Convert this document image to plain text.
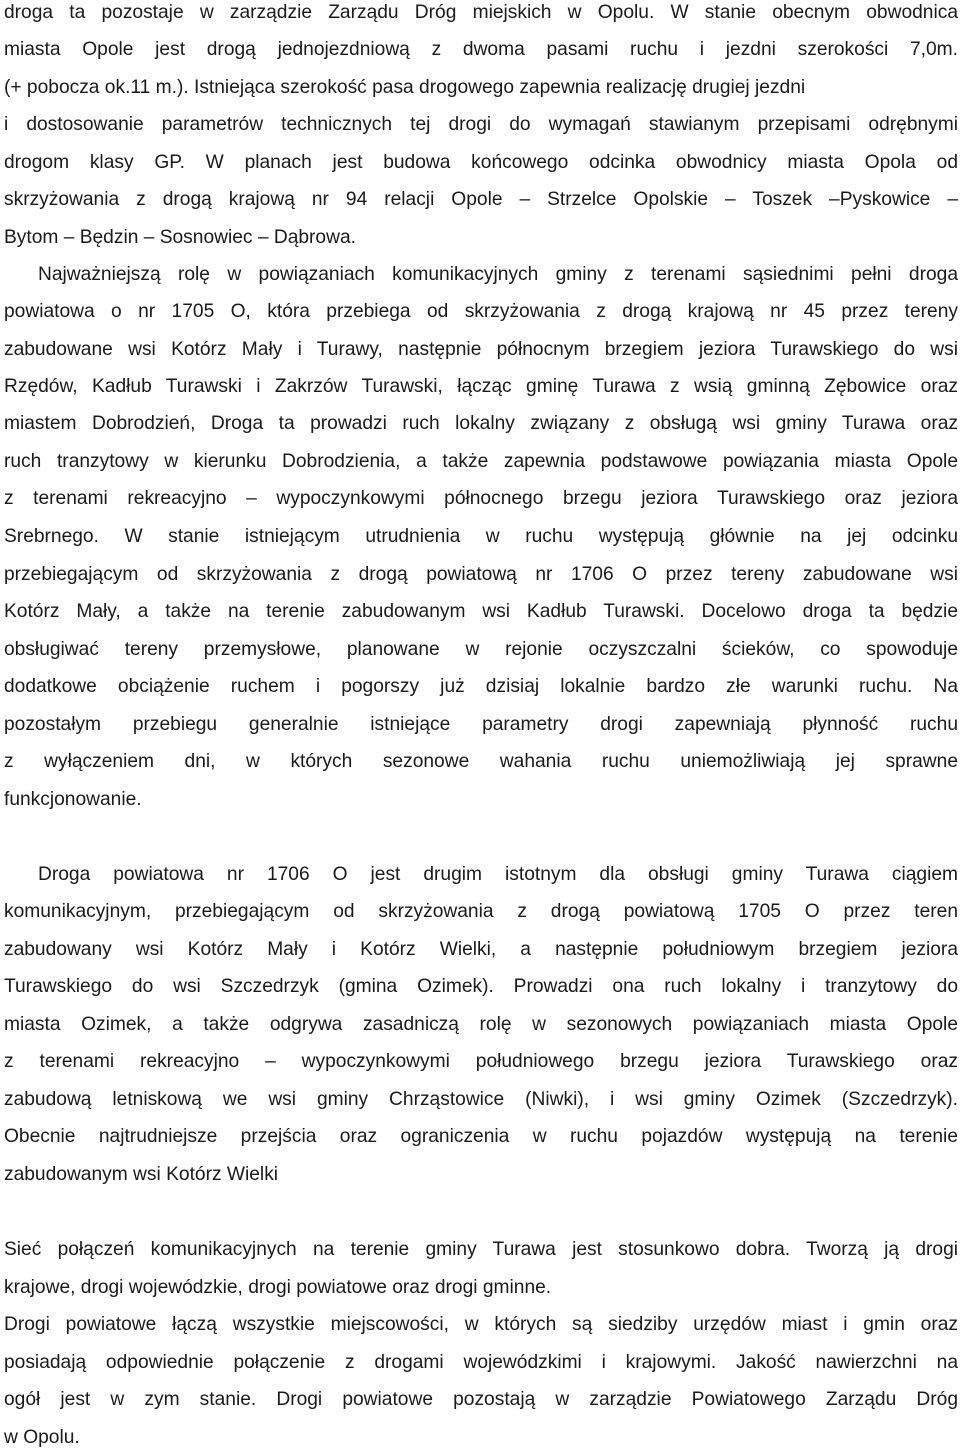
droga ta pozostaje w zarządzie Zarządu Dróg miejskich w Opolu. W stanie obecnym obwodnica
miasta Opole jest drogą jednojezdniową z dwoma pasami ruchu i jezdni szerokości 7,0m.
(+ pobocza ok.11 m.). Istniejąca szerokość pasa drogowego zapewnia realizację drugiej jezdni
i dostosowanie parametrów technicznych tej drogi do wymagań stawianym przepisami odrębnymi
drogom klasy GP. W planach jest budowa końcowego odcinka obwodnicy miasta Opola od
skrzyżowania z drogą krajową nr 94 relacji Opole – Strzelce Opolskie – Toszek –Pyskowice –
Bytom – Będzin – Sosnowiec – Dąbrowa.
Najważniejszą rolę w powiązaniach komunikacyjnych gminy z terenami sąsiednimi pełni droga
powiatowa o nr 1705 O, która przebiega od skrzyżowania z drogą krajową nr 45 przez tereny
zabudowane wsi Kotórz Mały i Turawy, następnie północnym brzegiem jeziora Turawskiego do wsi
Rzędów, Kadłub Turawski i Zakrzów Turawski, łącząc gminę Turawa z wsią gminną Zębowice oraz
miastem Dobrodzień, Droga ta prowadzi ruch lokalny związany z obsługą wsi gminy Turawa oraz
ruch tranzytowy w kierunku Dobrodzienia, a także zapewnia podstawowe powiązania miasta Opole
z terenami rekreacyjno – wypoczynkowymi północnego brzegu jeziora Turawskiego oraz jeziora
Srebrnego. W stanie istniejącym utrudnienia w ruchu występują głównie na jej odcinku
przebiegającym od skrzyżowania z drogą powiatową nr 1706 O przez tereny zabudowane wsi
Kotórz Mały, a także na terenie zabudowanym wsi Kadłub Turawski. Docelowo droga ta będzie
obsługiwać tereny przemysłowe, planowane w rejonie oczyszczalni ścieków, co spowoduje
dodatkowe obciążenie ruchem i pogorszy już dzisiaj lokalnie bardzo złe warunki ruchu. Na
pozostałym przebiegu generalnie istniejące parametry drogi zapewniają płynność ruchu
z wyłączeniem dni, w których sezonowe wahania ruchu uniemożliwiają jej sprawne
funkcjonowanie.
Droga powiatowa nr 1706 O jest drugim istotnym dla obsługi gminy Turawa ciągiem
komunikacyjnym, przebiegającym od skrzyżowania z drogą powiatową 1705 O przez teren
zabudowany wsi Kotórz Mały i Kotórz Wielki, a następnie południowym brzegiem jeziora
Turawskiego do wsi Szczedrzyk (gmina Ozimek). Prowadzi ona ruch lokalny i tranzytowy do
miasta Ozimek, a także odgrywa zasadniczą rolę w sezonowych powiązaniach miasta Opole
z terenami rekreacyjno – wypoczynkowymi południowego brzegu jeziora Turawskiego oraz
zabudową letniskową we wsi gminy Chrząstowice (Niwki), i wsi gminy Ozimek (Szczedrzyk).
Obecnie najtrudniejsze przejścia oraz ograniczenia w ruchu pojazdów występują na terenie
zabudowanym wsi Kotórz Wielki
Sieć połączeń komunikacyjnych na terenie gminy Turawa jest stosunkowo dobra. Tworzą ją drogi
krajowe, drogi wojewódzkie, drogi powiatowe oraz drogi gminne.
Drogi powiatowe łączą wszystkie miejscowości, w których są siedziby urzędów miast i gmin oraz
posiadają odpowiednie połączenie z drogami wojewódzkimi i krajowymi. Jakość nawierzchni na
ogół jest w zym stanie. Drogi powiatowe pozostają w zarządzie Powiatowego Zarządu Dróg
w Opolu.
